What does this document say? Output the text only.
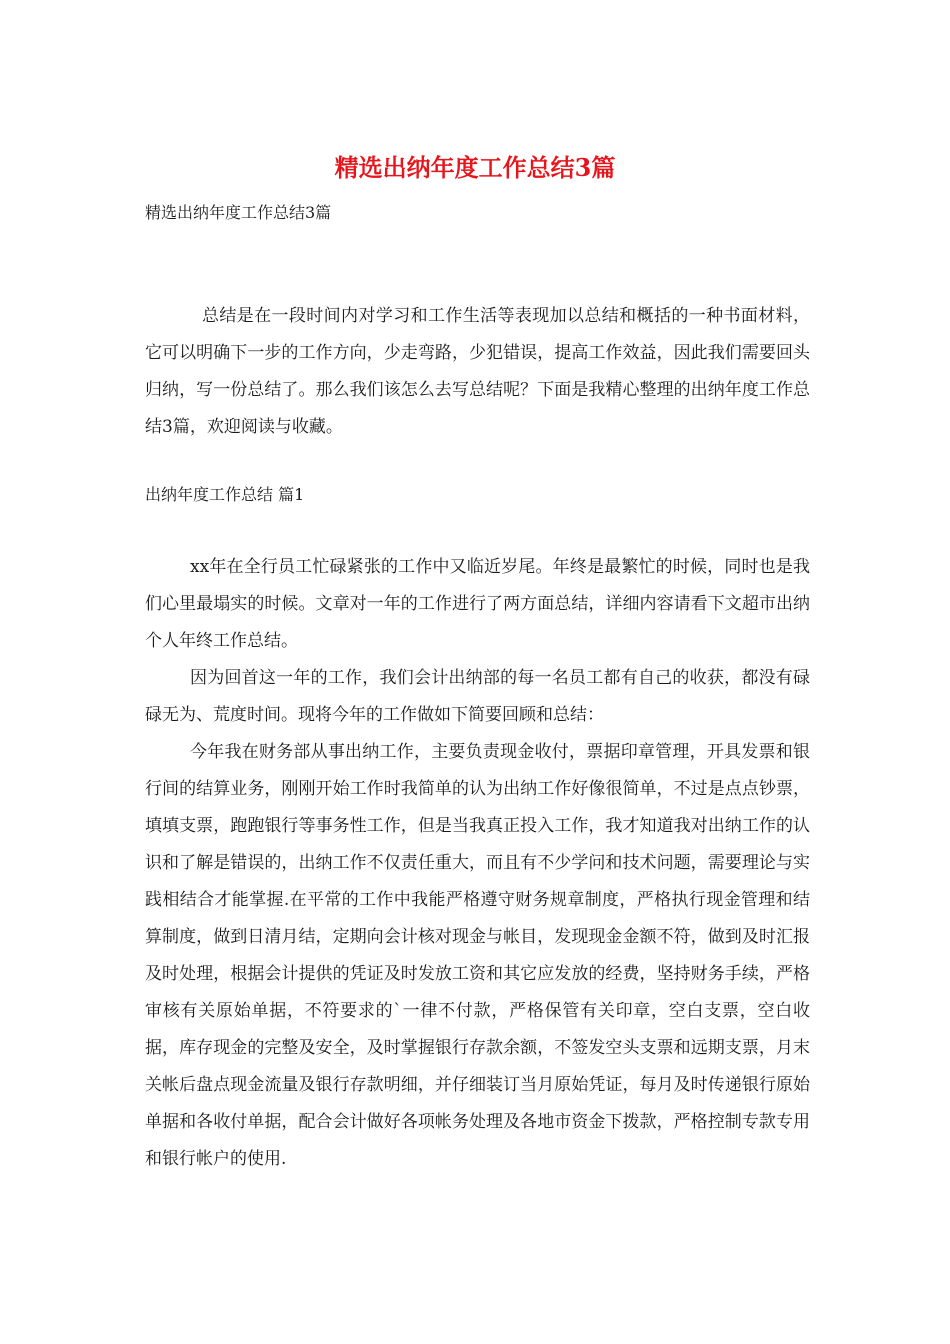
精选出纳年度工作总结3篇

精选出纳年度工作总结3篇

总结是在一段时间内对学习和工作生活等表现加以总结和概括的一种书面材料，它可以明确下一步的工作方向，少走弯路，少犯错误，提高工作效益，因此我们需要回头归纳，写一份总结了。那么我们该怎么去写总结呢？下面是我精心整理的出纳年度工作总结3篇，欢迎阅读与收藏。

出纳年度工作总结 篇1

xx年在全行员工忙碌紧张的工作中又临近岁尾。年终是最繁忙的时候，同时也是我们心里最塌实的时候。文章对一年的工作进行了两方面总结，详细内容请看下文超市出纳个人年终工作总结。

因为回首这一年的工作，我们会计出纳部的每一名员工都有自己的收获，都没有碌碌无为、荒度时间。现将今年的工作做如下简要回顾和总结：

今年我在财务部从事出纳工作，主要负责现金收付，票据印章管理，开具发票和银行间的结算业务，刚刚开始工作时我简单的认为出纳工作好像很简单，不过是点点钞票，填填支票，跑跑银行等事务性工作，但是当我真正投入工作，我才知道我对出纳工作的认识和了解是错误的，出纳工作不仅责任重大，而且有不少学问和技术问题，需要理论与实践相结合才能掌握.在平常的工作中我能严格遵守财务规章制度，严格执行现金管理和结算制度，做到日清月结，定期向会计核对现金与帐目，发现现金金额不符，做到及时汇报及时处理，根据会计提供的凭证及时发放工资和其它应发放的经费，坚持财务手续，严格审核有关原始单据，不符要求的`一律不付款，严格保管有关印章，空白支票，空白收据，库存现金的完整及安全，及时掌握银行存款余额，不签发空头支票和远期支票，月末关帐后盘点现金流量及银行存款明细，并仔细装订当月原始凭证，每月及时传递银行原始单据和各收付单据，配合会计做好各项帐务处理及各地市资金下拨款，严格控制专款专用和银行帐户的使用.
